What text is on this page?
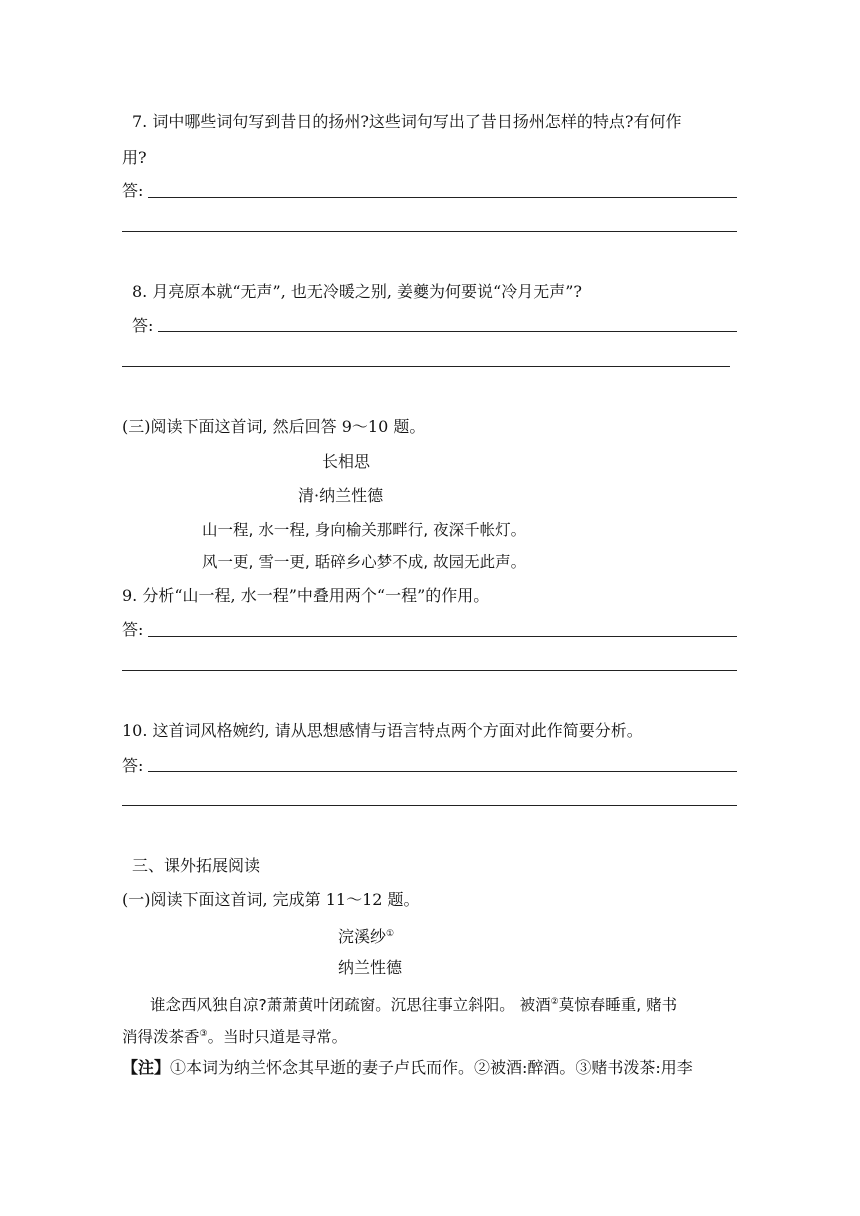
7. 词中哪些词句写到昔日的扬州?这些词句写出了昔日扬州怎样的特点?有何作
用?
答:
8. 月亮原本就“无声”, 也无冷暖之别, 姜夔为何要说“冷月无声”?
答:
(三)阅读下面这首词, 然后回答 9～10 题。
长相思
清·纳兰性德
山一程, 水一程, 身向榆关那畔行, 夜深千帐灯。
风一更, 雪一更, 聒碎乡心梦不成, 故园无此声。
9. 分析“山一程, 水一程”中叠用两个“一程”的作用。
答:
10. 这首词风格婉约, 请从思想感情与语言特点两个方面对此作简要分析。
答:
三、课外拓展阅读
(一)阅读下面这首词, 完成第 11～12 题。
浣溪纱①
纳兰性德
谁念西风独自凉?萧萧黄叶闭疏窗。沉思往事立斜阳。 被酒②莫惊春睡重, 赌书
消得泼茶香③。当时只道是寻常。
【注】①本词为纳兰怀念其早逝的妻子卢氏而作。②被酒:醉酒。③赌书泼茶:用李
